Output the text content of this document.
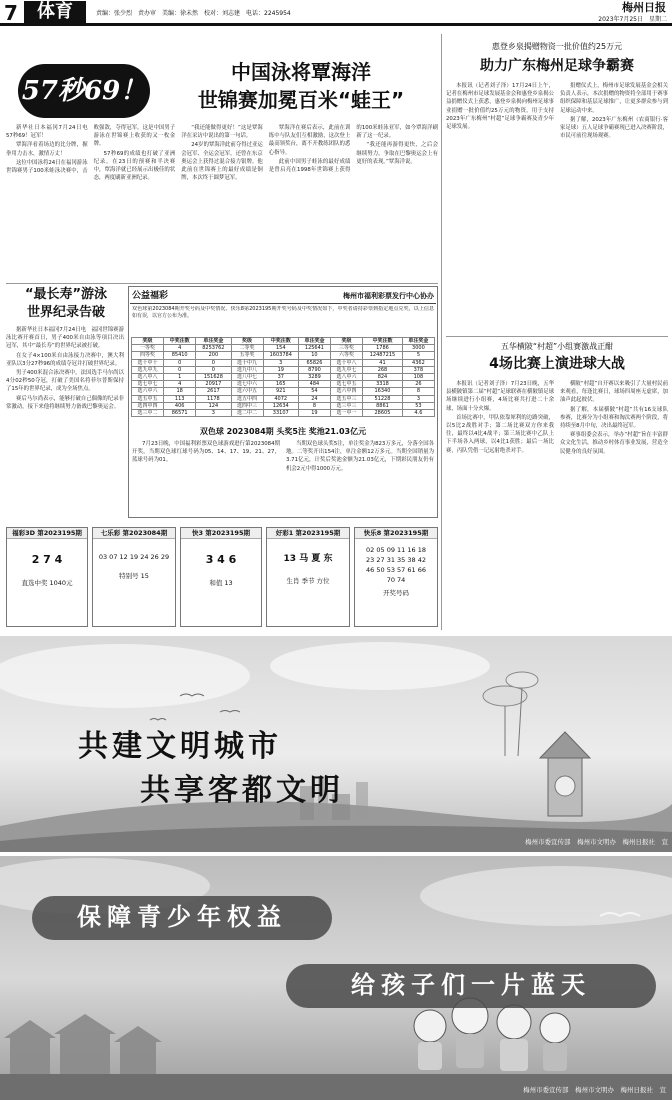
7	体育	责编：张少烈　责办审　美编：徐未然　校对：刘志建　电话：2245954	梅州日报
2023年7月25日　星期二
57秒69！
中国泳将覃海洋
世锦赛加冕百米“蛙王”

新华社日本福冈7月24日电　57秒69！冠军！

覃海洋看着场边的比分牌，握拳用力击水，激情万丈！

这位中国泳将24日在福冈游泳世锦赛男子100米蛙泳决赛中，击败强敌，夺得冠军。这是中国男子游泳在世锦赛上收获的又一枚金牌。

57秒69的成绩也打破了亚洲纪录。在23日的预赛和半决赛中，覃海洋就已经展示出极佳的状态，两度刷新亚洲纪录。

“我还能做得更好！”这是覃海洋在采访中说出的第一句话。

24岁的覃海洋此前夺得过亚运会冠军、全运会冠军，还曾在东京奥运会上获得过混合接力银牌。他此前在世锦赛上的最好成绩是铜牌，本次终于圆梦冠军。

覃海洋在赛后表示，此前在训练中与队友们互相激励，这次登上最高领奖台，离不开教练团队的悉心指导。

此前中国男子蛙泳的最好成绩是曾启亮在1998年世锦赛上获得的100米蛙泳亚军，如今覃海洋刷新了这一纪录。

“我还能再游得更快，之后会继续努力，争取在巴黎奥运会上有更好的表现。”覃海洋说。

惠登乡泉揭赠物资一批价值约25万元
助力广东梅州足球争霸赛

本报讯（记者刘子泽）17月24日上午，记者在梅州市足球发展基金会和惠登乡泉揭公益捐赠仪式上获悉，惠登乡泉揭向梅州足球事业捐赠一批价值约25万元的物资，用于支持2023年广东梅州“村超”足球争霸赛及青少年足球发展。

捐赠仪式上，梅州市足球发展基金会相关负责人表示，本次捐赠的物资将全部用于赛事组织保障和基层足球推广，让更多群众参与到足球运动中来。

据了解，2023年广东梅州（农商银行·客家足球）五人足球争霸赛现已进入决赛阶段，市民可前往现场观赛。

“最长寿”游泳
世界纪录告破

据新华社日本福冈7月24日电　福冈世锦赛游泳比赛开赛首日，男子400米自由泳等项目决出冠军，其中“最长寿”的世界纪录被打破。

在女子4×100米自由泳接力决赛中，澳大利亚队以3分27秒96的成绩夺冠并打破世界纪录。

男子400米混合泳决赛中，法国选手马尔尚以4分02秒50夺冠，打破了美国名将菲尔普斯保持了15年的世界纪录，成为全场焦点。

赛后马尔尚表示，能够打破自己偶像的纪录非常激动，接下来他将继续努力备战巴黎奥运会。

公益福彩	梅州市福利彩票发行中心协办
双色球第2023084期开奖号码及中奖情况、快乐8第2023195期开奖号码及中奖情况如下，中奖者请持彩票到指定地点兑奖，以上信息如有误，以官方公布为准。
奖级	中奖注数	单注奖金	奖级	中奖注数	单注奖金	奖级	中奖注数	单注奖金
一等奖	4	8253762	二等奖	154	125641	三等奖	1786	3000
四等奖	85410	200	五等奖	1603784	10	六等奖	12487215	5
选十中十	0	0	选十中九	3	65826	选十中八	41	4362
选九中九	0	0	选九中八	19	8790	选九中七	268	378
选八中八	1	151628	选八中七	37	3289	选八中六	824	108
选七中七	4	20917	选七中六	165	484	选七中五	3318	26
选六中六	18	2617	选六中五	921	54	选六中四	16340	8
选五中五	113	1178	选五中四	4072	24	选五中三	51228	3
选四中四	406	124	选四中三	12634	8	选三中三	8861	53
选三中二	86571	3	选二中二	33107	19	选一中一	28605	4.6
双色球 2023084期 头奖5注 奖池21.03亿元

7月23日晚，中国福利彩票双色球游戏进行第2023084期开奖，当期双色球红球号码为05、14、17、19、21、27，蓝球号码为01。

当期双色球头奖5注，单注奖金为823万多元，分落全国各地。二等奖开出154注，单注金额12万多元。当期全国销量为3.71亿元，计奖后奖池金额为21.03亿元，下期彩民朋友仍有机会2元中得1000万元。

福彩3D 第2023195期
2 7 4
直选中奖 1040元
七乐彩 第2023084期
03 07 12 19 24 26 29
特别号 15
快3 第2023195期
3 4 6
和值 13
好彩1 第2023195期
13 马 夏 东
生肖 季节 方位
快乐8 第2023195期
02 05 09 11 16 18 23 27 31 35 38 42 46 50 53 57 61 66 70 74
开奖号码
五华横陂“村超”小组赛激战正酣
4场比赛上演进球大战

本报讯（记者刘子泽）7月23日晚，五华县横陂镇第二届“村超”足球联赛在横陂镇足球场继续进行小组赛，4场比赛共打进二十余球，场面十分火爆。

首场比赛中，甲队依靠犀利的边路突破，以5比2战胜对手；第二场比赛双方你来我往，最终以4比4战平；第三场比赛中乙队上下半场各入两球，以4比1获胜；最后一场比赛，丙队凭借一记远射绝杀对手。

横陂“村超”自开赛以来吸引了大量村民前来观看，每逢比赛日，球场四周座无虚席，加油声此起彼伏。

据了解，本届横陂“村超”共有16支球队参赛，比赛分为小组赛和淘汰赛两个阶段，将持续至8月中旬，决出最终冠军。

赛事组委会表示，举办“村超”旨在丰富群众文化生活，推动乡村体育事业发展，营造全民健身的良好氛围。

共建文明城市
共享客都文明
梅州市委宣传部　梅州市文明办　梅州日报社　宣
保障青少年权益
给孩子们一片蓝天
梅州市委宣传部　梅州市文明办　梅州日报社　宣
